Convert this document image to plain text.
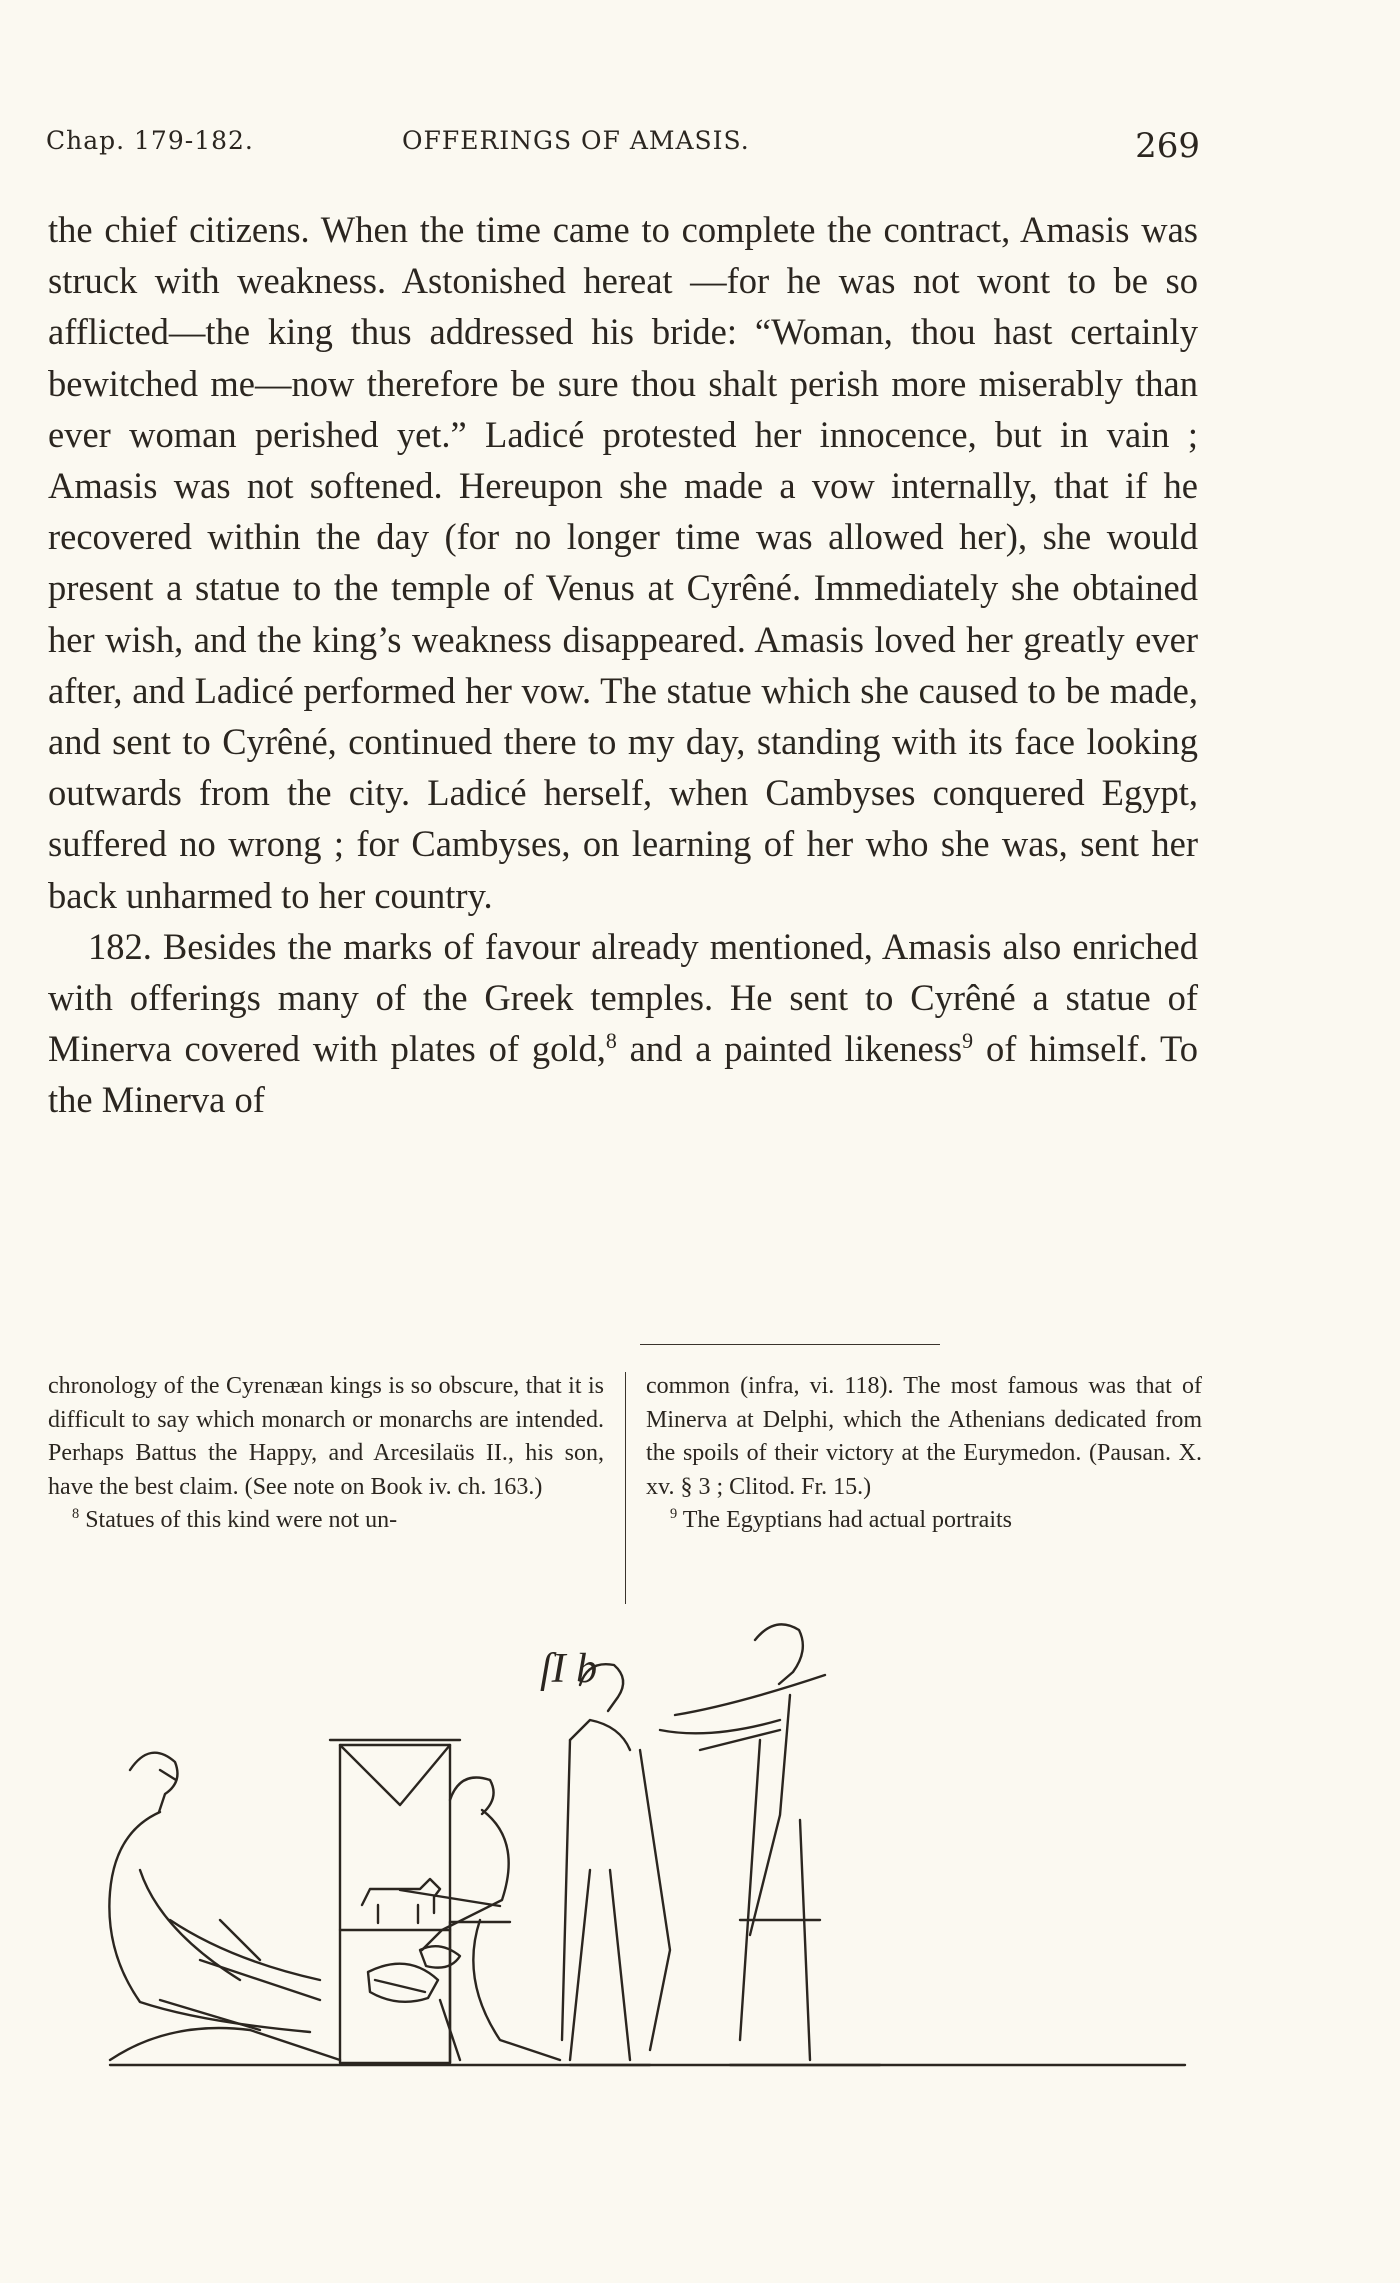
Chap. 179-182.	OFFERINGS OF AMASIS.	269

the chief citizens. When the time came to complete the contract, Amasis was struck with weakness. Astonished hereat —for he was not wont to be so afflicted—the king thus addressed his bride: “Woman, thou hast certainly bewitched me—now therefore be sure thou shalt perish more miserably than ever woman perished yet.” Ladicé protested her innocence, but in vain ; Amasis was not softened. Hereupon she made a vow internally, that if he recovered within the day (for no longer time was allowed her), she would present a statue to the temple of Venus at Cyrêné. Immediately she obtained her wish, and the king’s weakness disappeared. Amasis loved her greatly ever after, and Ladicé performed her vow. The statue which she caused to be made, and sent to Cyrêné, continued there to my day, standing with its face looking outwards from the city. Ladicé herself, when Cambyses conquered Egypt, suffered no wrong ; for Cambyses, on learning of her who she was, sent her back unharmed to her country.

182. Besides the marks of favour already mentioned, Amasis also enriched with offerings many of the Greek temples. He sent to Cyrêné a statue of Minerva covered with plates of gold,$^8$ and a painted likeness$^9$ of himself. To the Minerva of

chronology of the Cyrenæan kings is so obscure, that it is difficult to say which monarch or monarchs are intended. Perhaps Battus the Happy, and Arcesilaüs II., his son, have the best claim. (See note on Book iv. ch. 163.)

$^8$ Statues of this kind were not un-

common (infra, vi. 118). The most famous was that of Minerva at Delphi, which the Athenians dedicated from the spoils of their victory at the Eurymedon. (Pausan. X. xv. § 3 ; Clitod. Fr. 15.)

$^9$ The Egyptians had actual portraits

ſI b
